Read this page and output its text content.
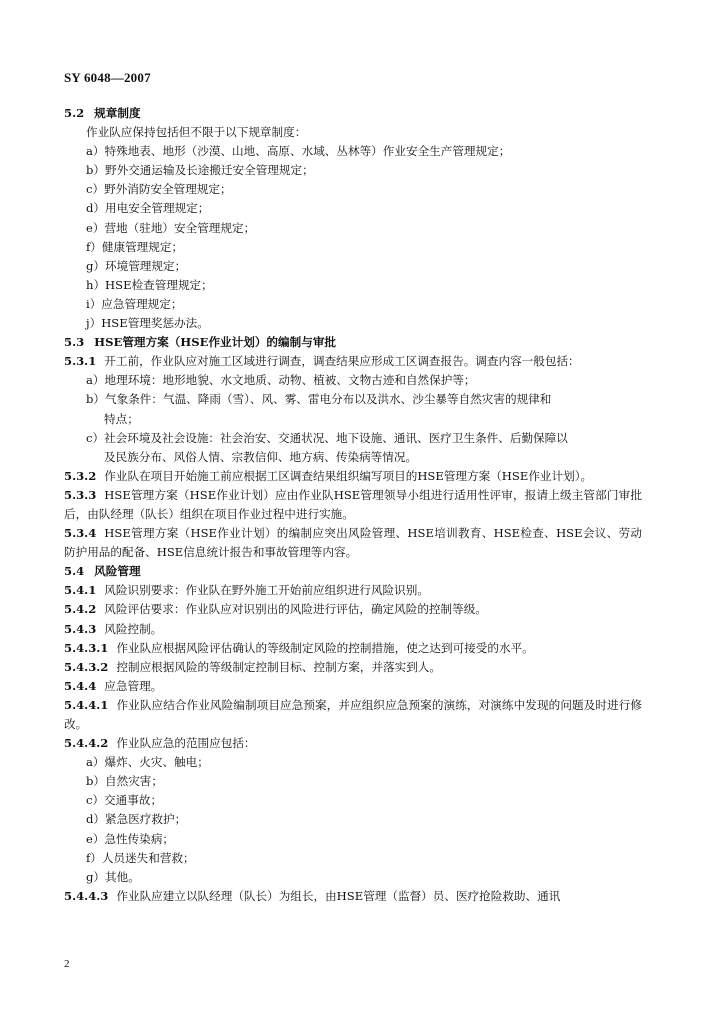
SY 6048—2007
5.2 规章制度
作业队应保持包括但不限于以下规章制度：
a）特殊地表、地形（沙漠、山地、高原、水域、丛林等）作业安全生产管理规定；
b）野外交通运输及长途搬迁安全管理规定；
c）野外消防安全管理规定；
d）用电安全管理规定；
e）营地（驻地）安全管理规定；
f）健康管理规定；
g）环境管理规定；
h）HSE检查管理规定；
i）应急管理规定；
j）HSE管理奖惩办法。
5.3 HSE管理方案（HSE作业计划）的编制与审批
5.3.1 开工前，作业队应对施工区域进行调查，调查结果应形成工区调查报告。调查内容一般包括：
a）地理环境：地形地貌、水文地质、动物、植被、文物古迹和自然保护等；
b）气象条件：气温、降雨（雪）、风、雾、雷电分布以及洪水、沙尘暴等自然灾害的规律和
特点；
c）社会环境及社会设施：社会治安、交通状况、地下设施、通讯、医疗卫生条件、后勤保障以
及民族分布、风俗人情、宗教信仰、地方病、传染病等情况。
5.3.2 作业队在项目开始施工前应根据工区调查结果组织编写项目的HSE管理方案（HSE作业计划）。
5.3.3 HSE管理方案（HSE作业计划）应由作业队HSE管理领导小组进行适用性评审，报请上级主管部门审批后，由队经理（队长）组织在项目作业过程中进行实施。
5.3.4 HSE管理方案（HSE作业计划）的编制应突出风险管理、HSE培训教育、HSE检查、HSE会议、劳动防护用品的配备、HSE信息统计报告和事故管理等内容。
5.4 风险管理
5.4.1 风险识别要求：作业队在野外施工开始前应组织进行风险识别。
5.4.2 风险评估要求：作业队应对识别出的风险进行评估，确定风险的控制等级。
5.4.3 风险控制。
5.4.3.1 作业队应根据风险评估确认的等级制定风险的控制措施，使之达到可接受的水平。
5.4.3.2 控制应根据风险的等级制定控制目标、控制方案，并落实到人。
5.4.4 应急管理。
5.4.4.1 作业队应结合作业风险编制项目应急预案，并应组织应急预案的演练，对演练中发现的问题及时进行修改。
5.4.4.2 作业队应急的范围应包括：
a）爆炸、火灾、触电；
b）自然灾害；
c）交通事故；
d）紧急医疗救护；
e）急性传染病；
f）人员迷失和营救；
g）其他。
5.4.4.3 作业队应建立以队经理（队长）为组长，由HSE管理（监督）员、医疗抢险救助、通讯
2
